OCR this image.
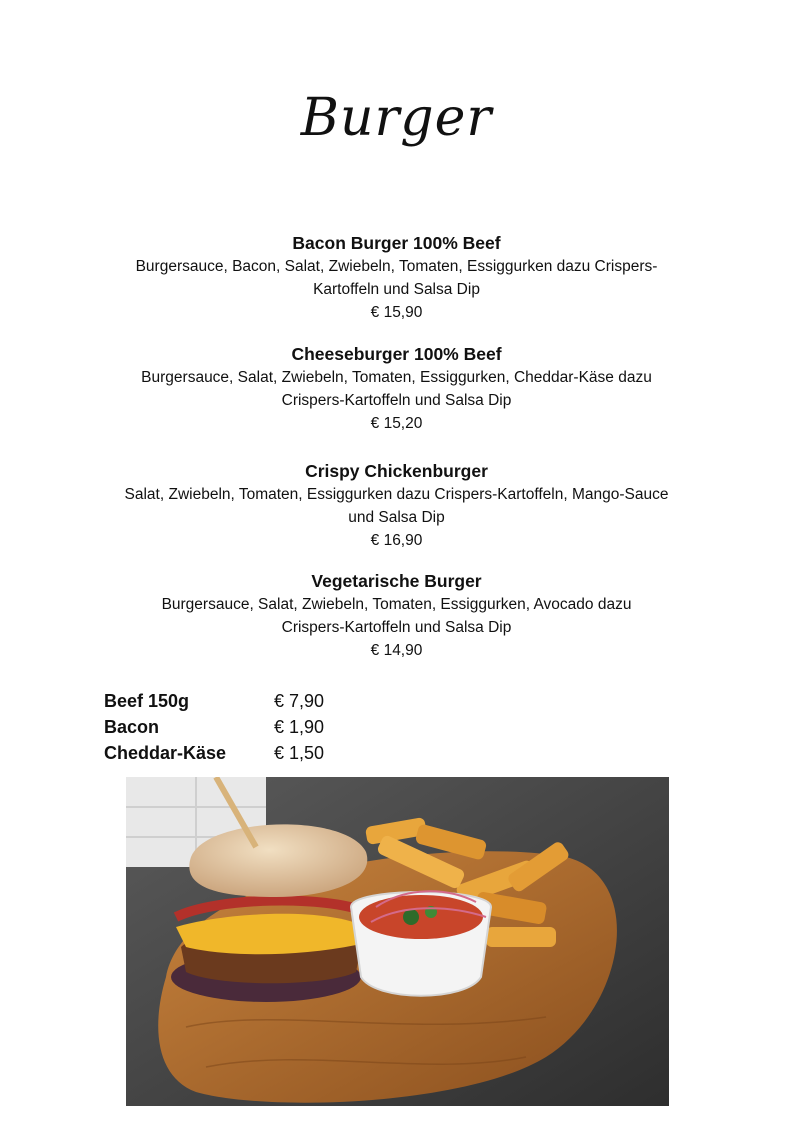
Burger
Bacon Burger 100% Beef
Burgersauce, Bacon, Salat, Zwiebeln, Tomaten, Essiggurken dazu Crispers-
Kartoffeln und Salsa Dip
€ 15,90
Cheeseburger 100% Beef
Burgersauce, Salat, Zwiebeln, Tomaten, Essiggurken, Cheddar-Käse dazu
Crispers-Kartoffeln und Salsa Dip
€ 15,20
Crispy Chickenburger
Salat, Zwiebeln, Tomaten, Essiggurken dazu Crispers-Kartoffeln, Mango-Sauce
und Salsa Dip
€ 16,90
Vegetarische Burger
Burgersauce, Salat, Zwiebeln, Tomaten, Essiggurken, Avocado dazu
Crispers-Kartoffeln und Salsa Dip
€ 14,90
Beef 150g	€ 7,90
Bacon	€ 1,90
Cheddar-Käse	€ 1,50
